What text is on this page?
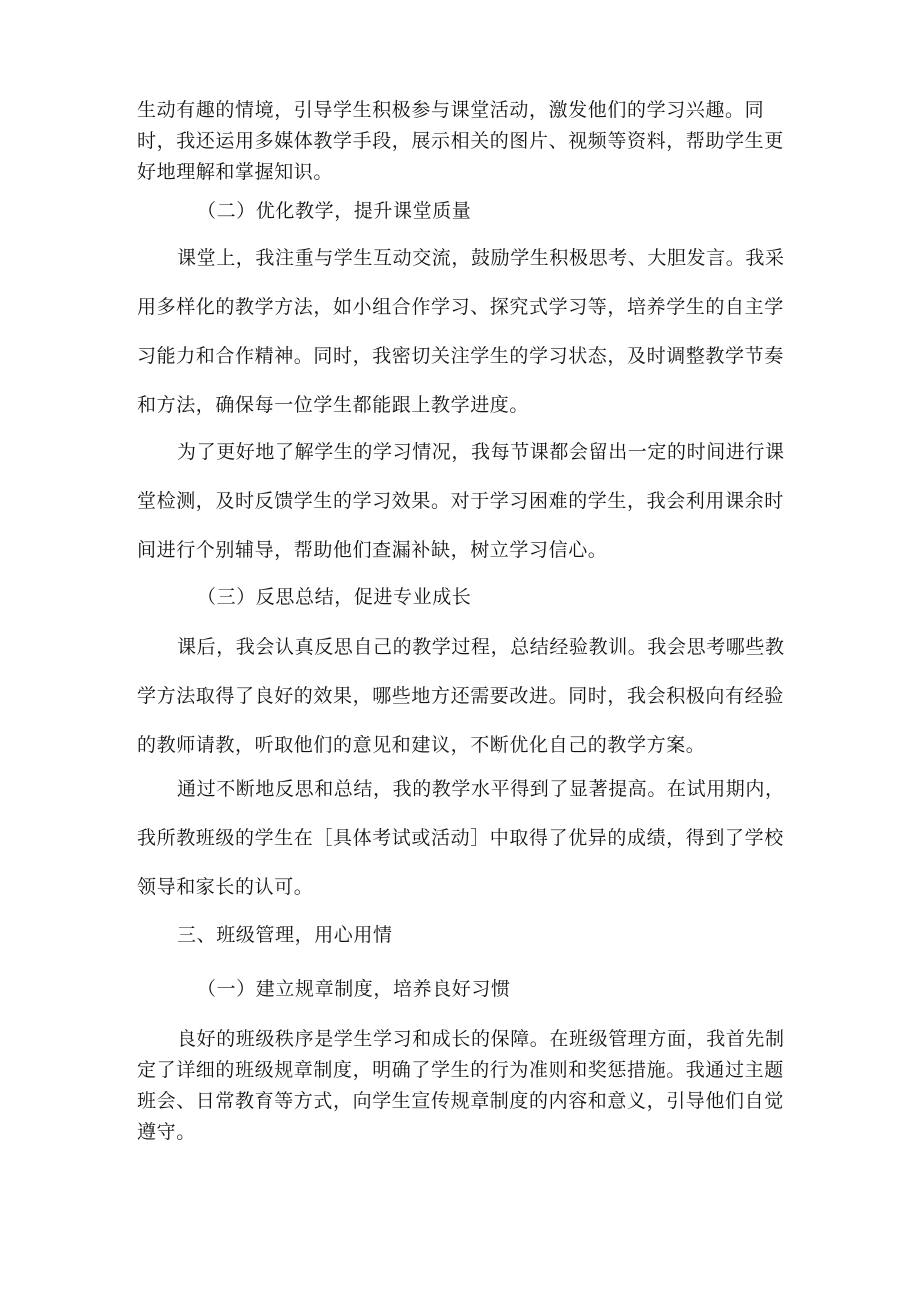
生动有趣的情境，引导学生积极参与课堂活动，激发他们的学习兴趣。同时，我还运用多媒体教学手段，展示相关的图片、视频等资料，帮助学生更好地理解和掌握知识。

（二）优化教学，提升课堂质量

课堂上，我注重与学生互动交流，鼓励学生积极思考、大胆发言。我采用多样化的教学方法，如小组合作学习、探究式学习等，培养学生的自主学习能力和合作精神。同时，我密切关注学生的学习状态，及时调整教学节奏和方法，确保每一位学生都能跟上教学进度。

为了更好地了解学生的学习情况，我每节课都会留出一定的时间进行课堂检测，及时反馈学生的学习效果。对于学习困难的学生，我会利用课余时间进行个别辅导，帮助他们查漏补缺，树立学习信心。

（三）反思总结，促进专业成长

课后，我会认真反思自己的教学过程，总结经验教训。我会思考哪些教学方法取得了良好的效果，哪些地方还需要改进。同时，我会积极向有经验的教师请教，听取他们的意见和建议，不断优化自己的教学方案。

通过不断地反思和总结，我的教学水平得到了显著提高。在试用期内，我所教班级的学生在［具体考试或活动］中取得了优异的成绩，得到了学校领导和家长的认可。

三、班级管理，用心用情

（一）建立规章制度，培养良好习惯

良好的班级秩序是学生学习和成长的保障。在班级管理方面，我首先制定了详细的班级规章制度，明确了学生的行为准则和奖惩措施。我通过主题班会、日常教育等方式，向学生宣传规章制度的内容和意义，引导他们自觉遵守。
